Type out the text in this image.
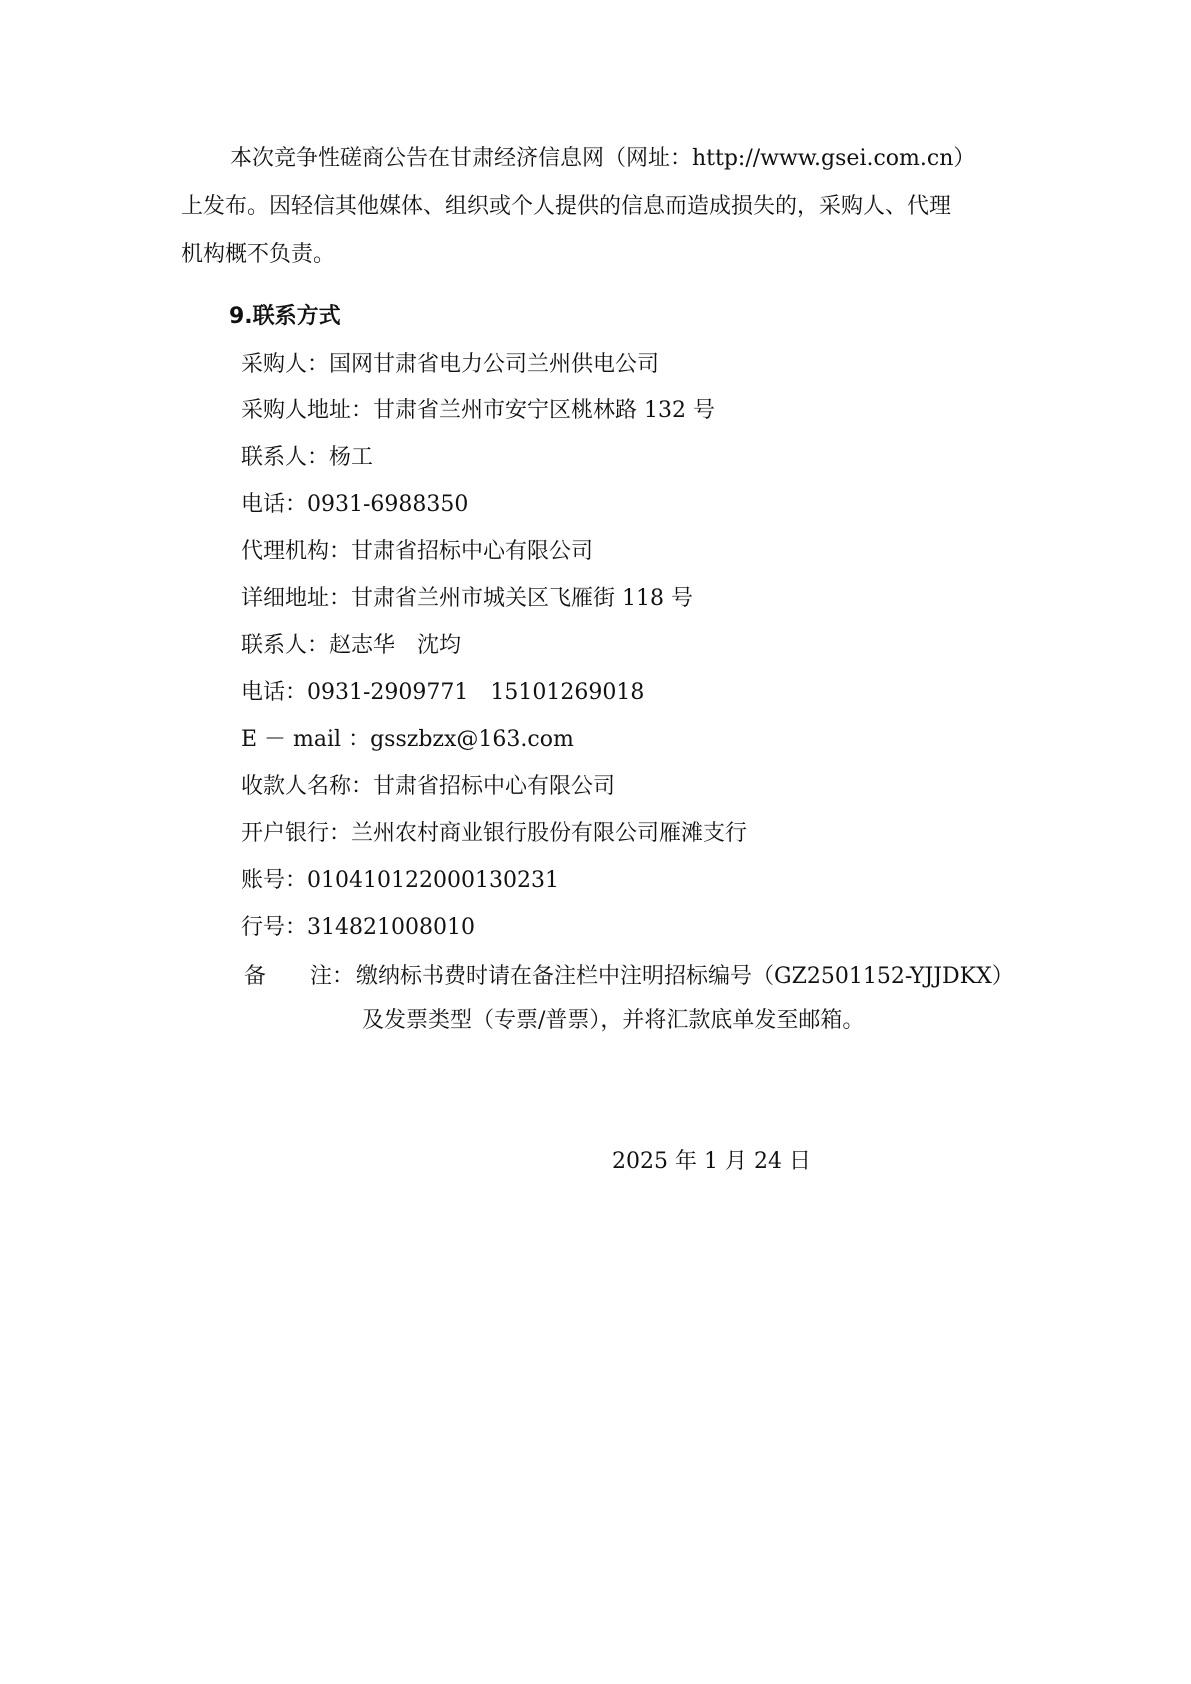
本次竞争性磋商公告在甘肃经济信息网（网址：http://www.gsei.com.cn）
上发布。因轻信其他媒体、组织或个人提供的信息而造成损失的，采购人、代理
机构概不负责。
9.联系方式
采购人：国网甘肃省电力公司兰州供电公司
采购人地址：甘肃省兰州市安宁区桃林路 132 号
联系人：杨工
电话：0931-6988350
代理机构：甘肃省招标中心有限公司
详细地址：甘肃省兰州市城关区飞雁街 118 号
联系人：赵志华　沈均
电话：0931-2909771　15101269018
E － mail ：gsszbzx@163.com
收款人名称：甘肃省招标中心有限公司
开户银行：兰州农村商业银行股份有限公司雁滩支行
账号：010410122000130231
行号：314821008010
备 注： 缴纳标书费时请在备注栏中注明招标编号（GZ2501152-YJJDKX）
及发票类型（专票/普票），并将汇款底单发至邮箱。
2025 年 1 月 24 日
